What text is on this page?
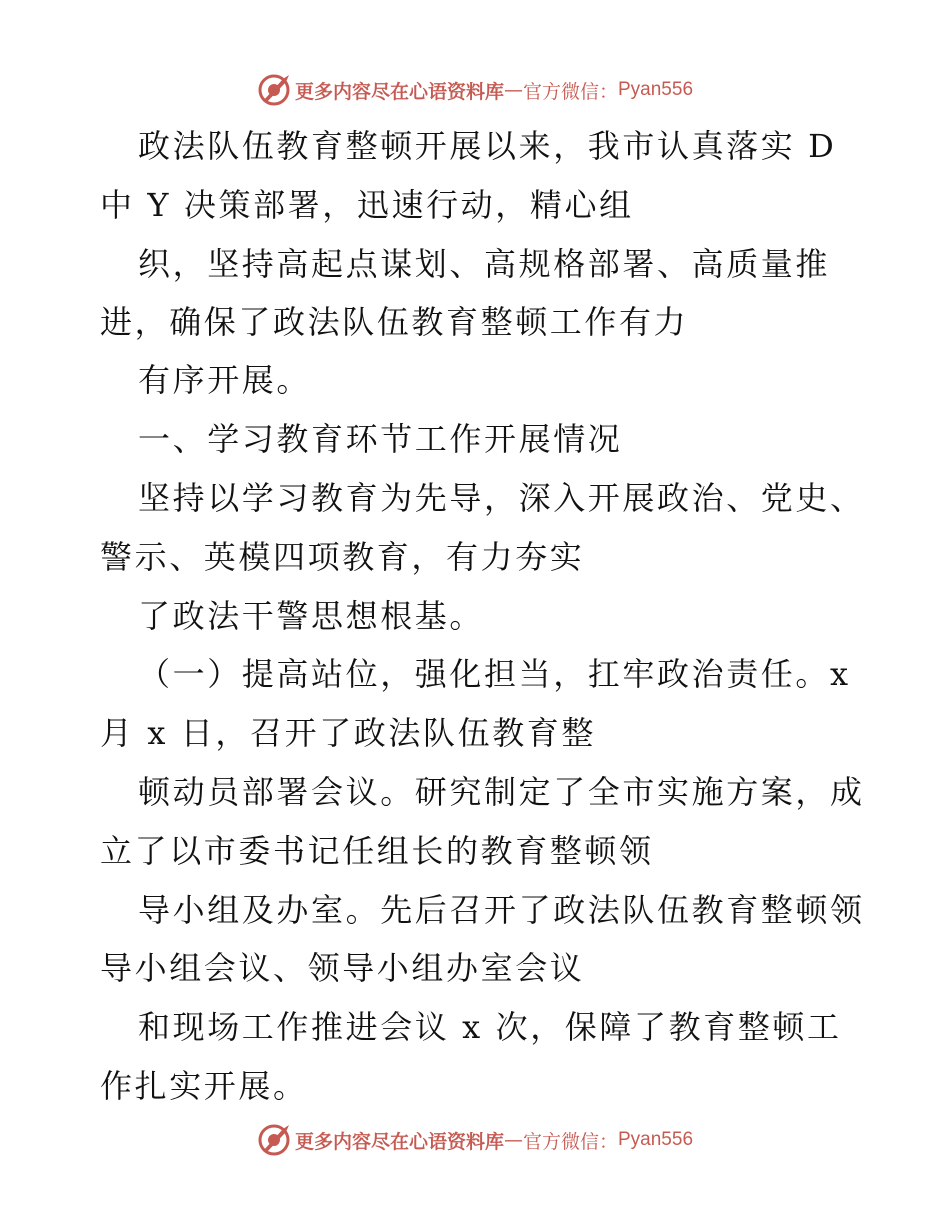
更多内容尽在心语资料库 — 官方微信： Pyan556
政法队伍教育整顿开展以来，我市认真落实 D
中 Y 决策部署，迅速行动，精心组
织，坚持高起点谋划、高规格部署、高质量推
进，确保了政法队伍教育整顿工作有力
有序开展。
一、学习教育环节工作开展情况
坚持以学习教育为先导，深入开展政治、党史、
警示、英模四项教育，有力夯实
了政法干警思想根基。
（一）提高站位，强化担当，扛牢政治责任。x
月 x 日，召开了政法队伍教育整
顿动员部署会议。研究制定了全市实施方案，成
立了以市委书记任组长的教育整顿领
导小组及办室。先后召开了政法队伍教育整顿领
导小组会议、领导小组办室会议
和现场工作推进会议 x 次，保障了教育整顿工
作扎实开展。
更多内容尽在心语资料库 — 官方微信： Pyan556
